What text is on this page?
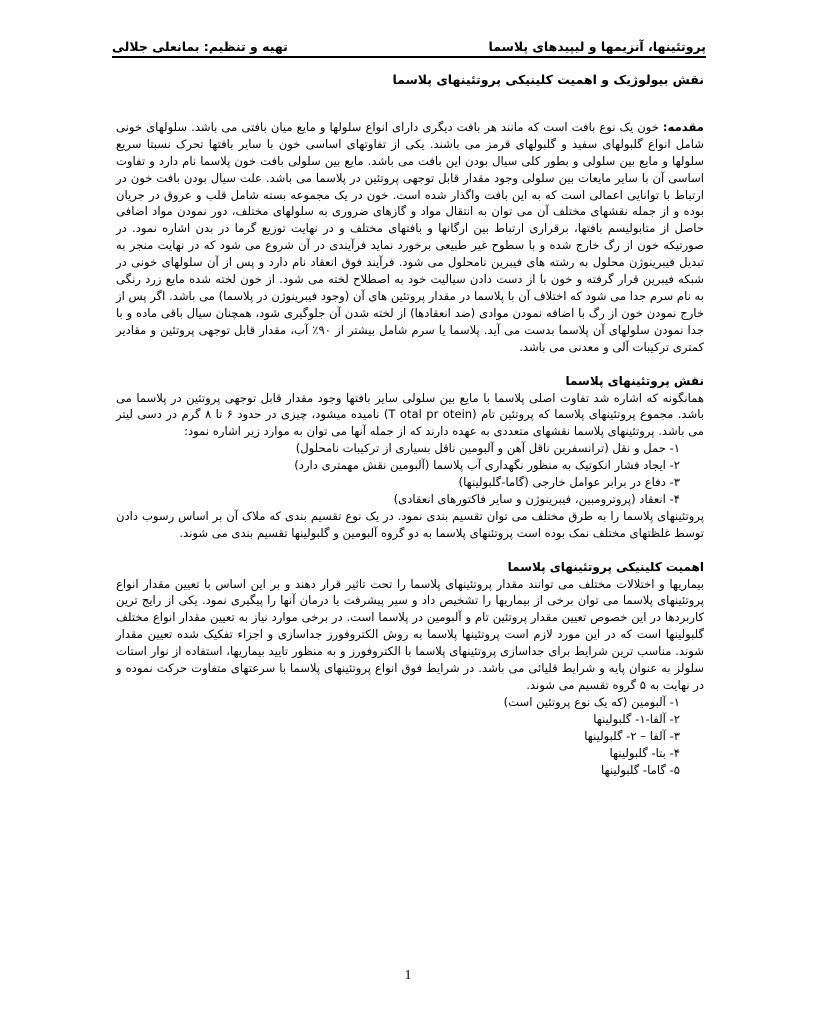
پروتئینها، آنزیمها و لیپیدهای پلاسما
تهیه و تنظیم: بمانعلی جلالی
نقش بیولوژیک و اهمیت کلینیکی پروتئینهای پلاسما

مقدمه: خون یک نوع بافت است که مانند هر بافت دیگری دارای انواع سلولها و مایع میان بافتی می باشد. سلولهای خونی شامل انواع گلبولهای سفید و گلبولهای قرمز می باشند. یکی از تفاوتهای اساسی خون با سایر بافتها تحرک نسبتا سریع سلولها و مایع بین سلولی و بطور کلی سیال بودن این بافت می باشد. مایع بین سلولی بافت خون پلاسما نام دارد و تفاوت اساسی آن با سایر مایعات بین سلولی وجود مقدار قابل توجهی پروتئین در پلاسما می باشد. علت سیال بودن بافت خون در ارتباط با توانایی اعمالی است که به این بافت واگذار شده است. خون در یک مجموعه بسته شامل قلب و عروق در جریان بوده و از جمله نقشهای مختلف آن می توان به انتقال مواد و گازهای ضروری به سلولهای مختلف، دور نمودن مواد اضافی حاصل از متابولیسم بافتها، برقراری ارتباط بین ارگانها و بافتهای مختلف و در نهایت توزیع گرما در بدن اشاره نمود. در صورتیکه خون از رگ خارج شده و با سطوح غیر طبیعی برخورد نماید فرآیندی در آن شروع می شود که در نهایت منجر به تبدیل فیبرینوژن محلول به رشته های فیبرین نامحلول می شود. فرآیند فوق انعقاد نام دارد و پس از آن سلولهای خونی در شبکه فیبرین قرار گرفته و خون با از دست دادن سیالیت خود به اصطلاح لخته می شود. از خون لخته شده مایع زرد رنگی به نام سرم جدا می شود که اختلاف آن با پلاسما در مقدار پروتئین های آن (وجود فیبرینوژن در پلاسما) می باشد. اگر پس از خارج نمودن خون از رگ با اضافه نمودن موادی (ضد انعقادها) از لخته شدن آن جلوگیری شود، همچنان سیال باقی ماده و با جدا نمودن سلولهای آن پلاسما بدست می آید. پلاسما یا سرم شامل بیشتر از ۹۰٪ آب، مقدار قابل توجهی پروتئین و مقادیر کمتری ترکیبات آلی و معدنی می باشد.

نقش پروتئینهای پلاسما

همانگونه که اشاره شد تفاوت اصلی پلاسما با مایع بین سلولی سایر بافتها وجود مقدار قابل توجهی پروتئین در پلاسما می باشد. مجموع پروتئینهای پلاسما که پروتئین تام (T otal pr otein) نامیده میشود، چیزی در حدود ۶ تا ۸ گرم در دسی لیتر می باشد. پروتئینهای پلاسما نقشهای متعددی به عهده دارند که از جمله آنها می توان به موارد زیر اشاره نمود:

۱- حمل و نقل (ترانسفرین ناقل آهن و آلبومین ناقل بسیاری از ترکیبات نامحلول)
۲- ایجاد فشار انکوتیک به منظور نگهداری آب پلاسما (آلبومین نقش مهمتری دارد)
۳- دفاع در برابر عوامل خارجی (گاما-گلبولینها)
۴- انعقاد (پروترومبین، فیبرینوژن و سایر فاکتورهای انعقادی)

پروتئینهای پلاسما را به طرق مختلف می توان تقسیم بندی نمود. در یک نوع تقسیم بندی که ملاک آن بر اساس رسوب دادن توسط غلظتهای مختلف نمک بوده است پروتئنهای پلاسما به دو گروه آلبومین و گلبولینها تقسیم بندی می شوند.

اهمیت کلینیکی پروتئینهای پلاسما

بیماریها و اختلالات مختلف می توانند مقدار پروتئینهای پلاسما را تحت تاثیر قرار دهند و بر این اساس با تعیین مقدار انواع پروتئینهای پلاسما می توان برخی از بیماریها را تشخیص داد و سیر پیشرفت یا درمان آنها را پیگیری نمود. یکی از رایج ترین کاربردها در این خصوص تعیین مقدار پروتئین تام و آلبومین در پلاسما است. در برخی موارد نیاز به تعیین مقدار انواع مختلف گلبولینها است که در این مورد لازم است پروتئینها پلاسما به روش الکتروفورز جداسازی و اجزاء تفکیک شده تعیین مقدار شوند. مناسب ترین شرایط برای جداسازی پروتئینهای پلاسما با الکتروفورز و به منظور تایید بیماریها، استفاده از نوار استات سلولز به عنوان پایه و شرایط قلیائی می باشد. در شرایط فوق انواع پروتئینهای پلاسما با سرعتهای متفاوت حرکت نموده و در نهایت به ۵ گروه تقسیم می شوند.

۱- آلبومین (که یک نوع پروتئین است)
۲- آلفا-۱- گلبولینها
۳- آلفا – ۲- گلبولینها
۴- بتا- گلبولینها
۵- گاما- گلبولینها
1
